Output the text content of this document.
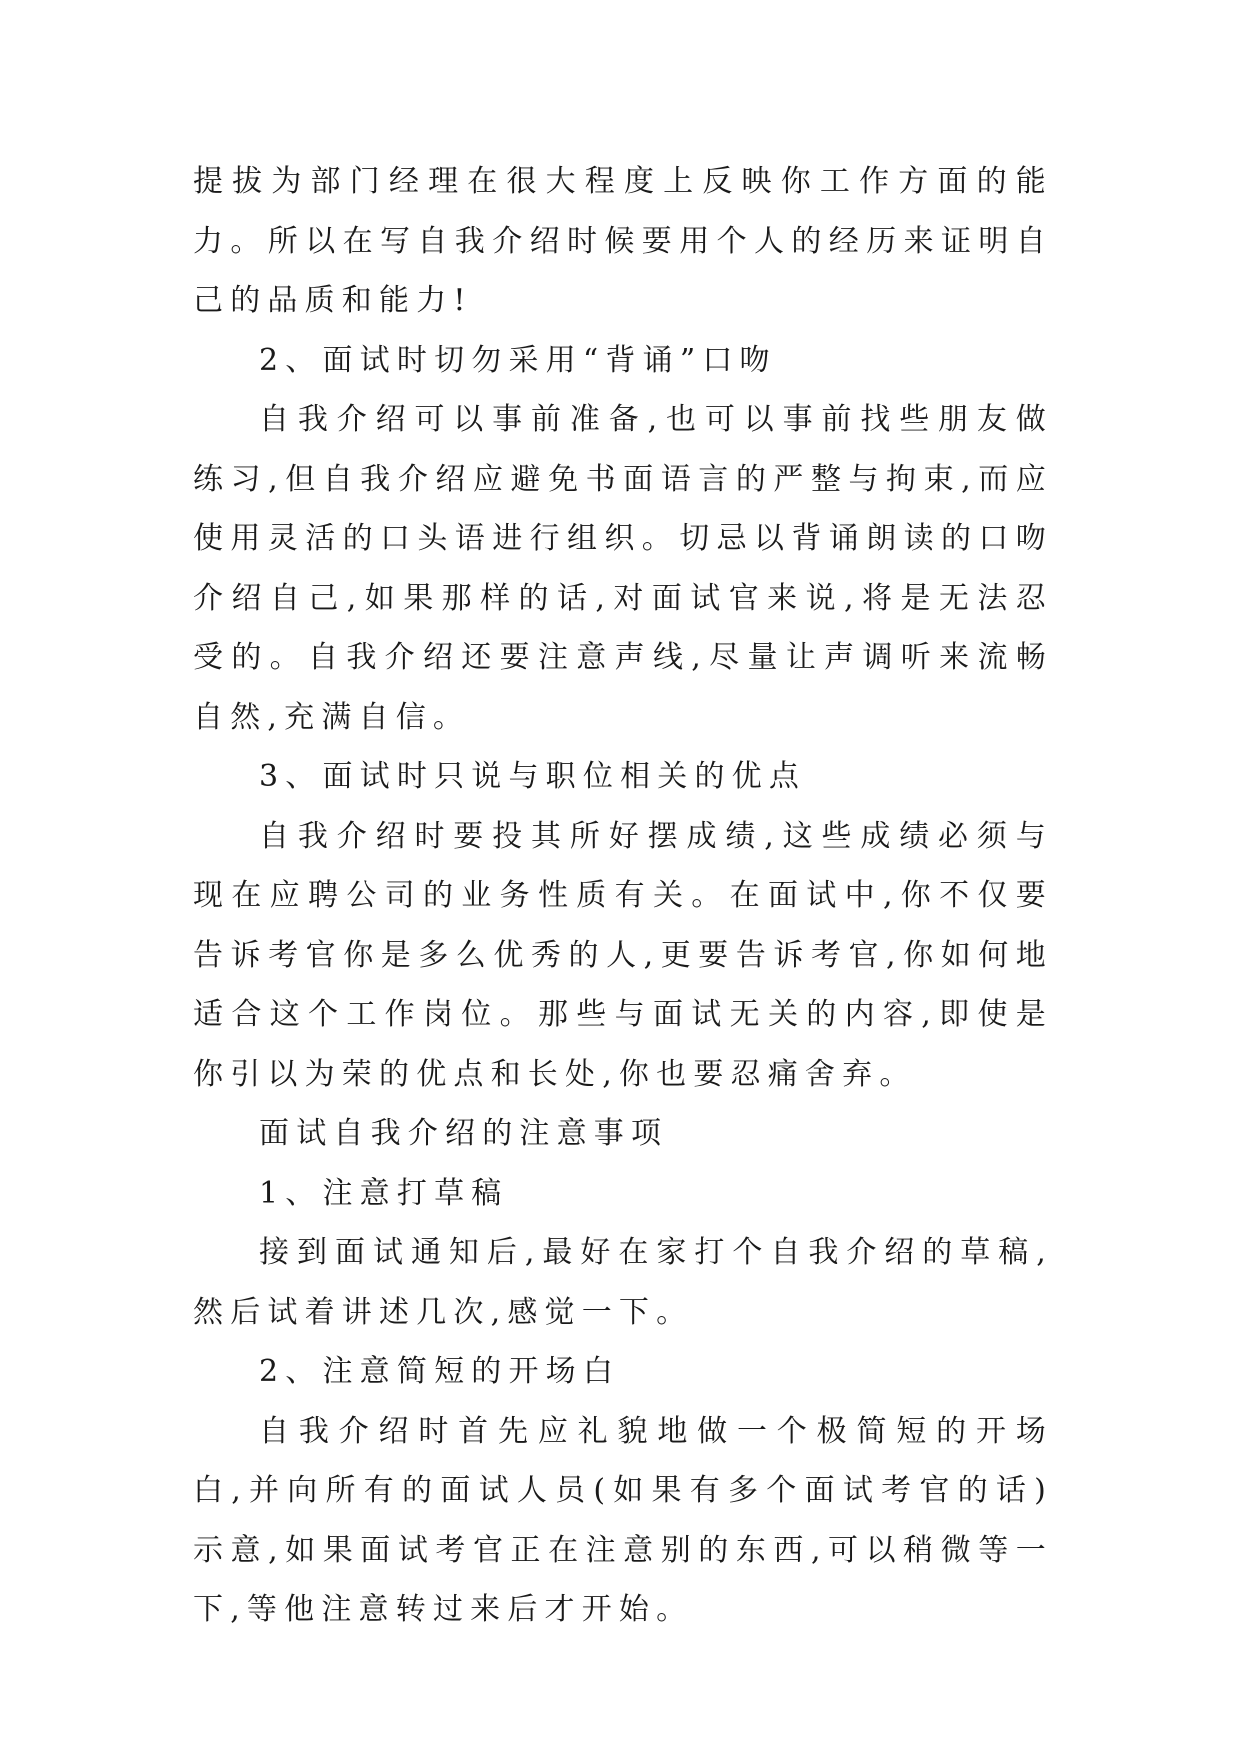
提拔为部门经理在很大程度上反映你工作方面的能力。所以在写自我介绍时候要用个人的经历来证明自己的品质和能力!

2、面试时切勿采用“背诵”口吻

自我介绍可以事前准备,也可以事前找些朋友做练习,但自我介绍应避免书面语言的严整与拘束,而应使用灵活的口头语进行组织。切忌以背诵朗读的口吻介绍自己,如果那样的话,对面试官来说,将是无法忍受的。自我介绍还要注意声线,尽量让声调听来流畅自然,充满自信。

3、面试时只说与职位相关的优点

自我介绍时要投其所好摆成绩,这些成绩必须与现在应聘公司的业务性质有关。在面试中,你不仅要告诉考官你是多么优秀的人,更要告诉考官,你如何地适合这个工作岗位。那些与面试无关的内容,即使是你引以为荣的优点和长处,你也要忍痛舍弃。

面试自我介绍的注意事项

1、注意打草稿

接到面试通知后,最好在家打个自我介绍的草稿,然后试着讲述几次,感觉一下。

2、注意简短的开场白

自我介绍时首先应礼貌地做一个极简短的开场白,并向所有的面试人员(如果有多个面试考官的话)示意,如果面试考官正在注意别的东西,可以稍微等一下,等他注意转过来后才开始。
